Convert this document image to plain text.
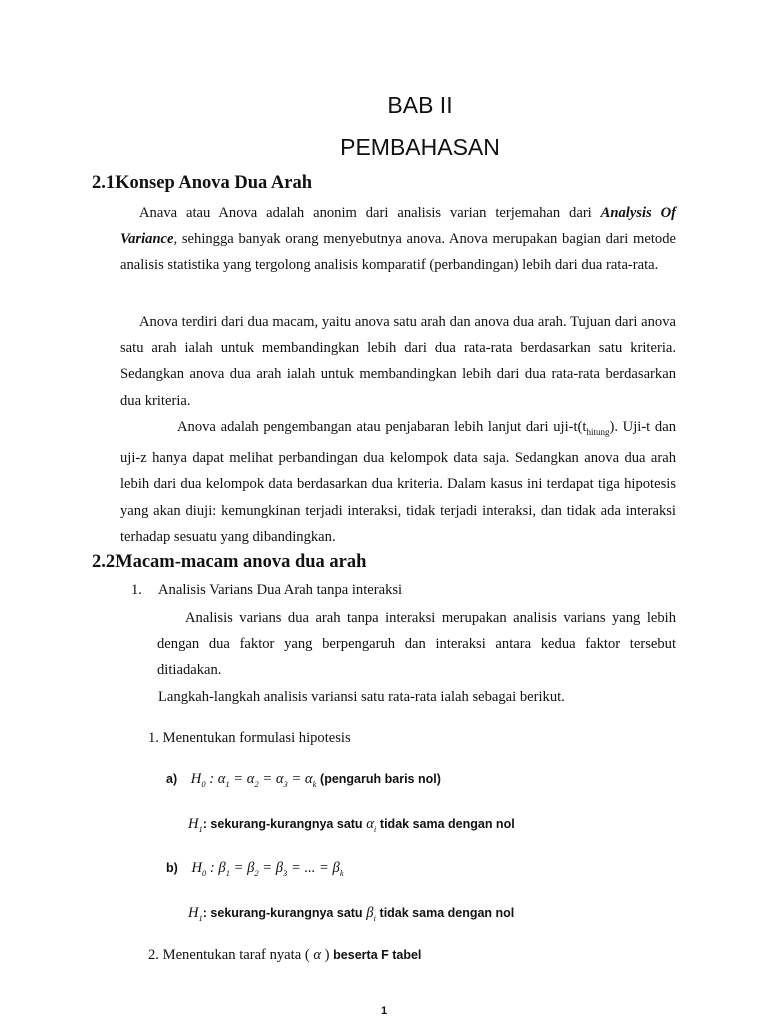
BAB II
PEMBAHASAN
2.1Konsep Anova Dua Arah

Anava atau Anova adalah anonim dari analisis varian terjemahan dari Analysis Of Variance, sehingga banyak orang menyebutnya anova. Anova merupakan bagian dari metode analisis statistika yang tergolong analisis komparatif (perbandingan) lebih dari dua rata-rata.

Anova terdiri dari dua macam, yaitu anova satu arah dan anova dua arah. Tujuan dari anova satu arah ialah untuk membandingkan lebih dari dua rata-rata berdasarkan satu kriteria. Sedangkan anova dua arah ialah untuk membandingkan lebih dari dua rata-rata berdasarkan dua kriteria.

Anova adalah pengembangan atau penjabaran lebih lanjut dari uji-$t(t_{hitung})$. Uji-t dan uji-z hanya dapat melihat perbandingan dua kelompok data saja. Sedangkan anova dua arah lebih dari dua kelompok data berdasarkan dua kriteria. Dalam kasus ini terdapat tiga hipotesis yang akan diuji: kemungkinan terjadi interaksi, tidak terjadi interaksi, dan tidak ada interaksi terhadap sesuatu yang dibandingkan.

2.2Macam-macam anova dua arah
1. Analisis Varians Dua Arah tanpa interaksi

Analisis varians dua arah tanpa interaksi merupakan analisis varians yang lebih dengan dua faktor yang berpengaruh dan interaksi antara kedua faktor tersebut ditiadakan.

Langkah-langkah analisis variansi satu rata-rata ialah sebagai berikut.
1. Menentukan formulasi hipotesis
a) $H_0$ : $\alpha_1 = \alpha_2 = \alpha_3 = \alpha_k$ (pengaruh baris nol)
$H_1$: sekurang-kurangnya satu $\alpha_i$ tidak sama dengan nol
b) $H_0$ : $\beta_1 = \beta_2 = \beta_3$ = ... = $\beta_k$
$H_1$: sekurang-kurangnya satu $\beta_i$ tidak sama dengan nol
2. Menentukan taraf nyata ( α ) beserta F tabel
1
